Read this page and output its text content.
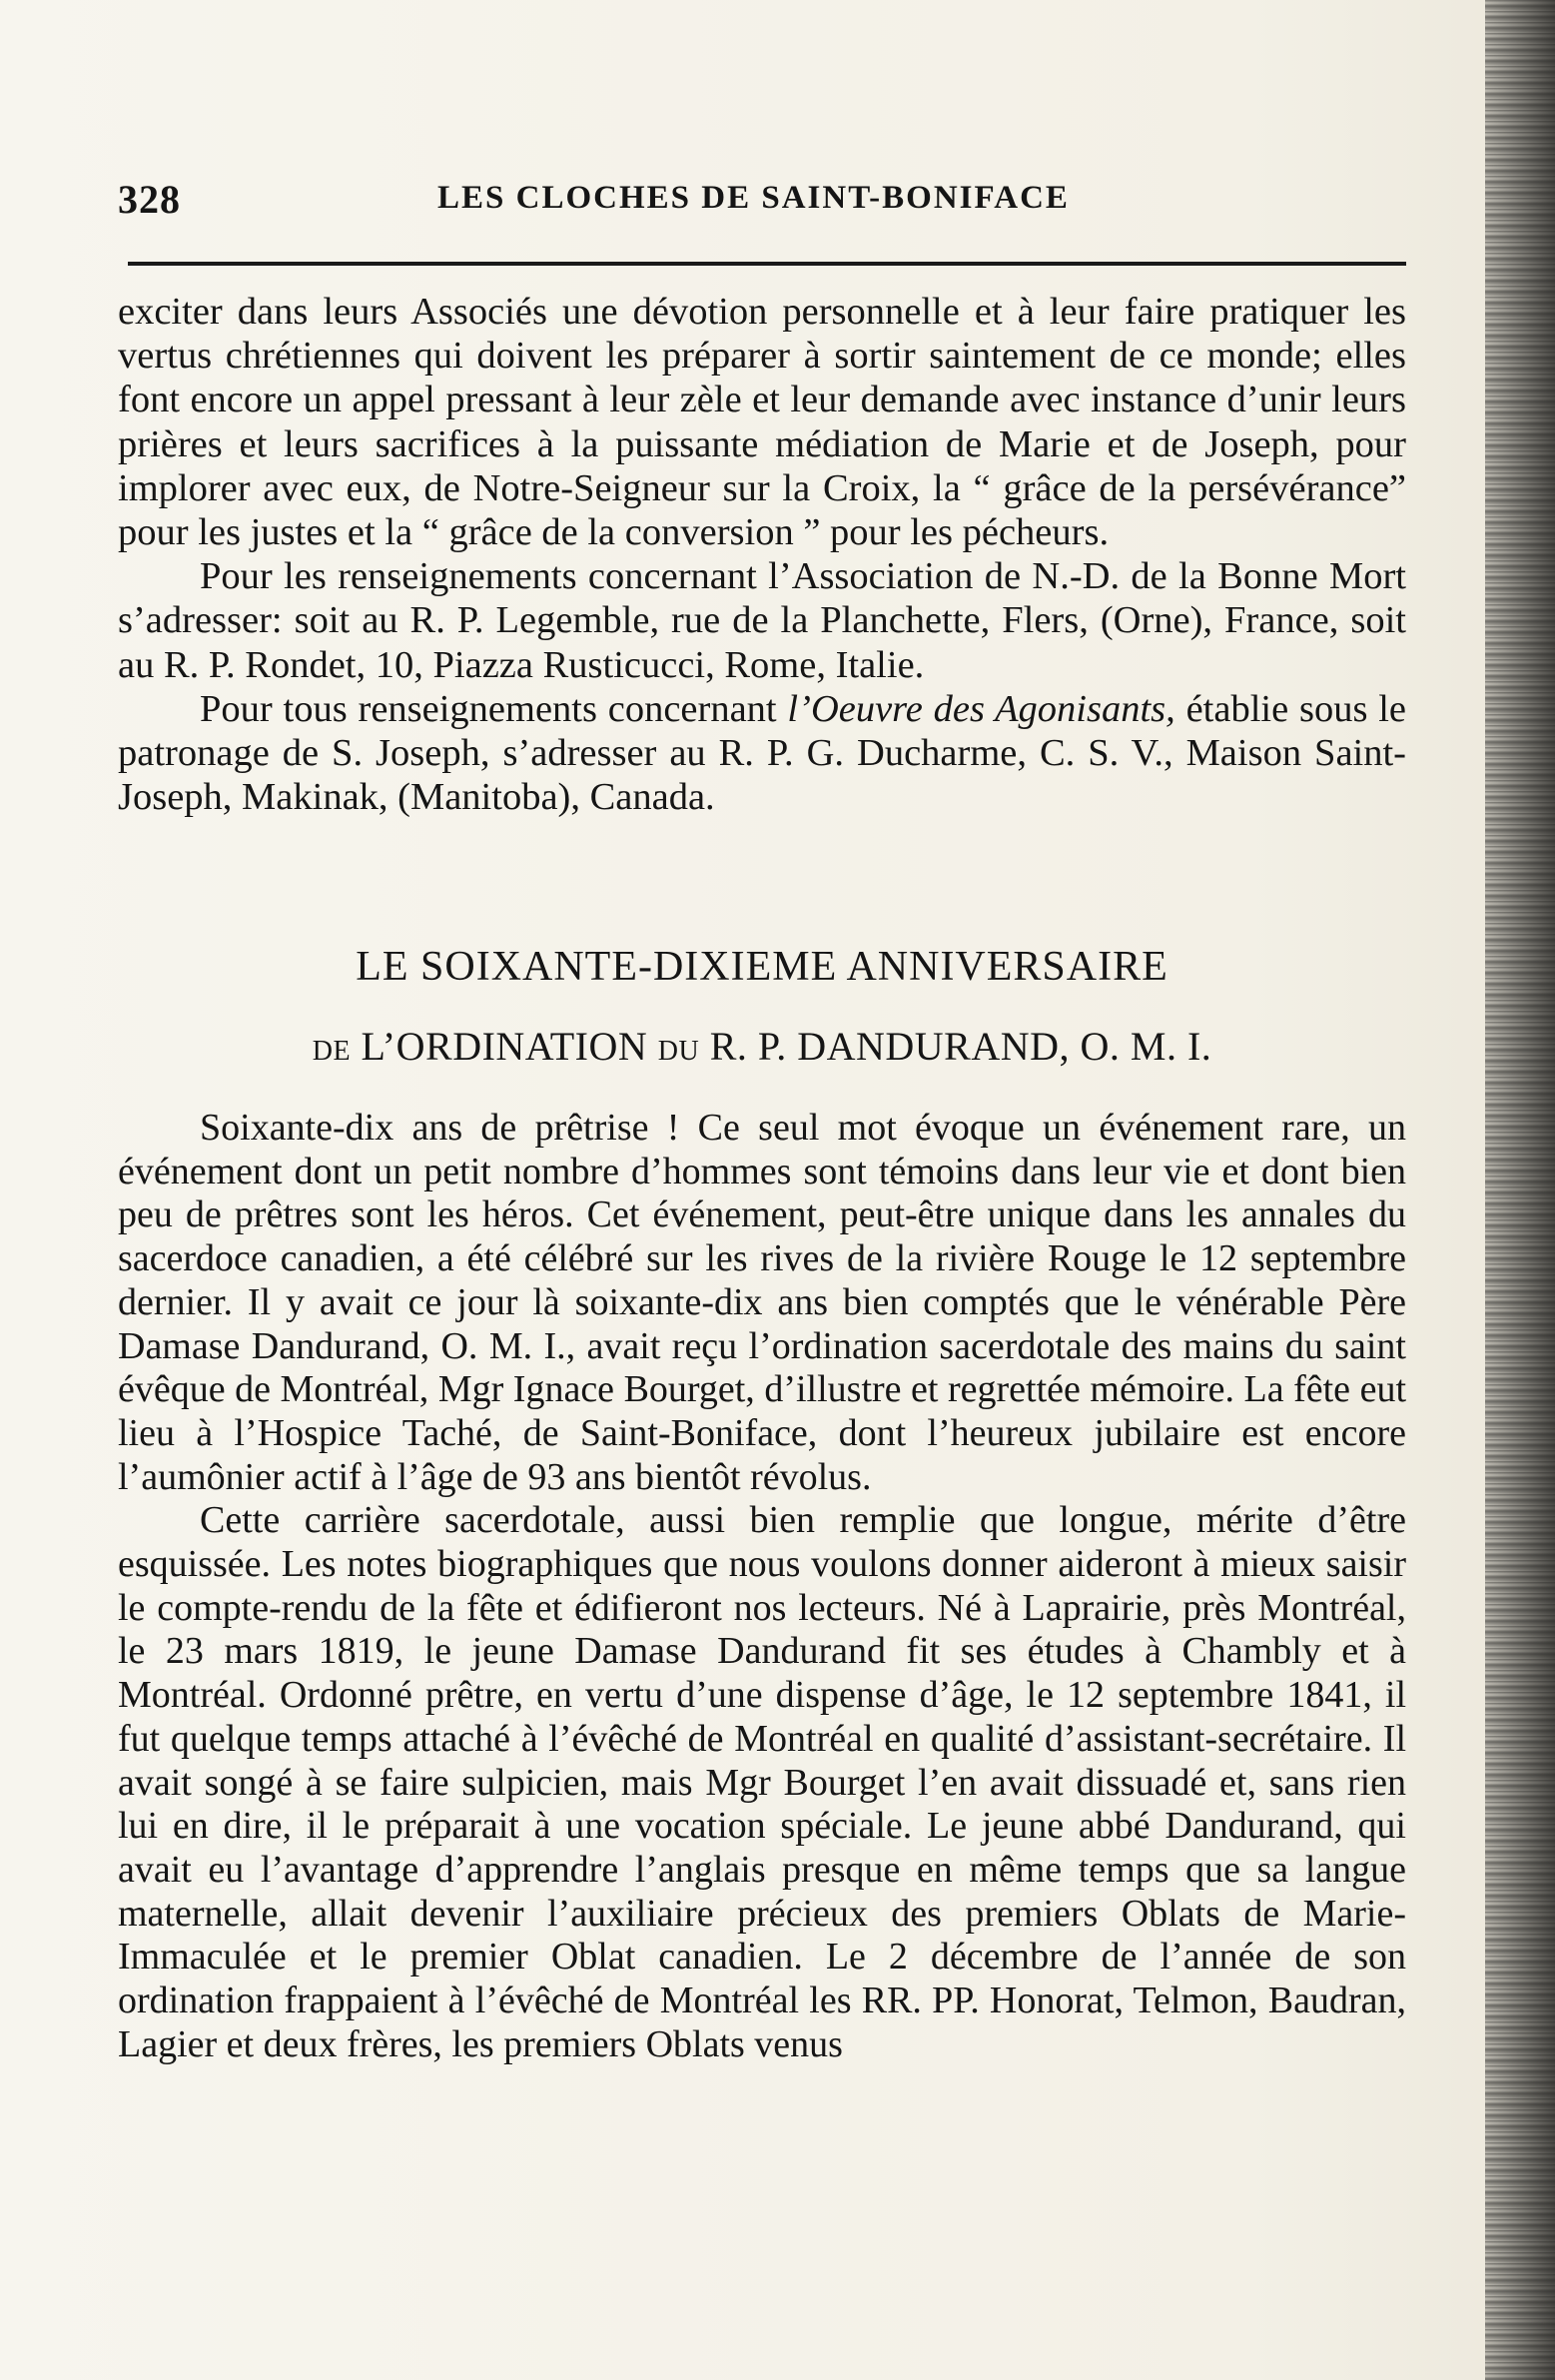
328	LES CLOCHES DE SAINT-BONIFACE

exciter dans leurs Associés une dévotion personnelle et à leur faire pratiquer les vertus chrétiennes qui doivent les préparer à sortir saintement de ce monde; elles font encore un appel pressant à leur zèle et leur demande avec instance d’unir leurs prières et leurs sacrifices à la puissante médiation de Marie et de Joseph, pour implorer avec eux, de Notre-Seigneur sur la Croix, la “ grâce de la persévérance” pour les justes et la “ grâce de la conversion ” pour les pécheurs.

Pour les renseignements concernant l’Association de N.-D. de la Bonne Mort s’adresser: soit au R. P. Legemble, rue de la Planchette, Flers, (Orne), France, soit au R. P. Rondet, 10, Piazza Rusticucci, Rome, Italie.

Pour tous renseignements concernant l’Oeuvre des Agonisants, établie sous le patronage de S. Joseph, s’adresser au R. P. G. Ducharme, C. S. V., Maison Saint-Joseph, Makinak, (Manitoba), Canada.

LE SOIXANTE-DIXIEME ANNIVERSAIRE
DE L’ORDINATION DU R. P. DANDURAND, O. M. I.

Soixante-dix ans de prêtrise ! Ce seul mot évoque un événement rare, un événement dont un petit nombre d’hommes sont témoins dans leur vie et dont bien peu de prêtres sont les héros. Cet événement, peut-être unique dans les annales du sacerdoce canadien, a été célébré sur les rives de la rivière Rouge le 12 septembre dernier. Il y avait ce jour là soixante-dix ans bien comptés que le vénérable Père Damase Dandurand, O. M. I., avait reçu l’ordination sacerdotale des mains du saint évêque de Montréal, Mgr Ignace Bourget, d’illustre et regrettée mémoire. La fête eut lieu à l’Hospice Taché, de Saint-Boniface, dont l’heureux jubilaire est encore l’aumônier actif à l’âge de 93 ans bientôt révolus.

Cette carrière sacerdotale, aussi bien remplie que longue, mérite d’être esquissée. Les notes biographiques que nous voulons donner aideront à mieux saisir le compte-rendu de la fête et édifieront nos lecteurs. Né à Laprairie, près Montréal, le 23 mars 1819, le jeune Damase Dandurand fit ses études à Chambly et à Montréal. Ordonné prêtre, en vertu d’une dispense d’âge, le 12 septembre 1841, il fut quelque temps attaché à l’évêché de Montréal en qualité d’assistant-secrétaire. Il avait songé à se faire sulpicien, mais Mgr Bourget l’en avait dissuadé et, sans rien lui en dire, il le préparait à une vocation spéciale. Le jeune abbé Dandurand, qui avait eu l’avantage d’apprendre l’anglais presque en même temps que sa langue maternelle, allait devenir l’auxiliaire précieux des premiers Oblats de Marie-Immaculée et le premier Oblat canadien. Le 2 décembre de l’année de son ordination frappaient à l’évêché de Montréal les RR. PP. Honorat, Telmon, Baudran, Lagier et deux frères, les premiers Oblats venus
